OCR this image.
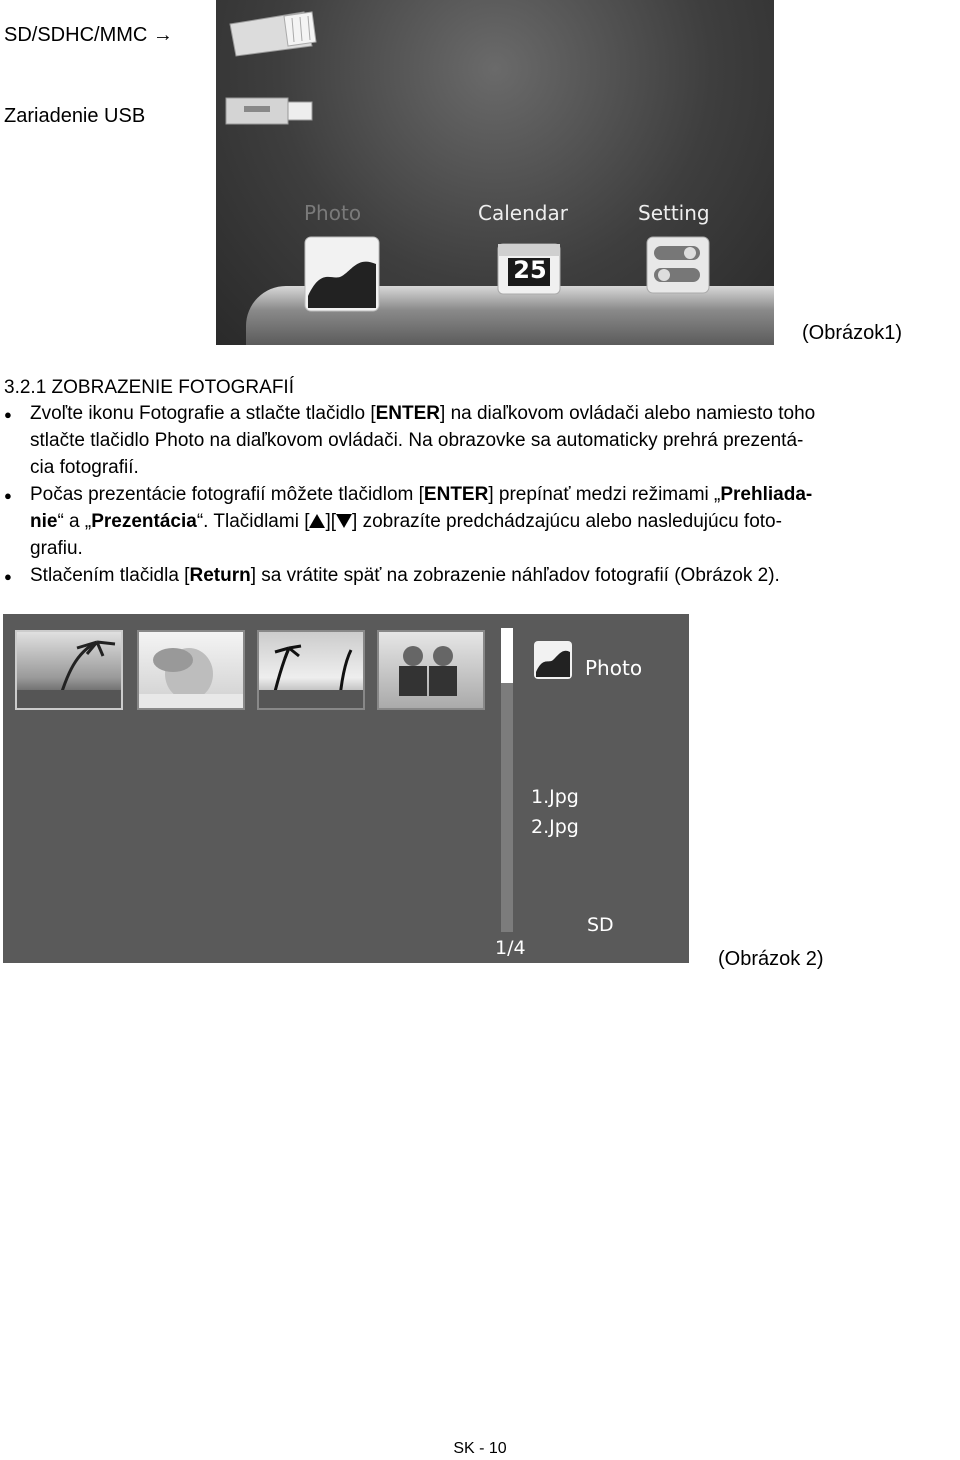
SD/SDHC/MMC →
Zariadenie USB
Photo	Calendar	Setting
25
(Obrázok1)
3.2.1 ZOBRAZENIE FOTOGRAFIÍ
● Zvoľte ikonu Fotografie a stlačte tlačidlo [ENTER] na diaľkovom ovládači alebo namiesto toho
stlačte tlačidlo Photo na diaľkovom ovládači. Na obrazovke sa automaticky prehrá prezentá-
cia fotografií.
● Počas prezentácie fotografií môžete tlačidlom [ENTER] prepínať medzi režimami „Prehliada-
nie“ a „Prezentácia“. Tlačidlami [ ][ ] zobrazíte predchádzajúcu alebo nasledujúcu foto-
grafiu.
● Stlačením tlačidla [Return] sa vrátite späť na zobrazenie náhľadov fotografií (Obrázok 2).
Photo
1.Jpg
2.Jpg
SD
1/4	(Obrázok 2)
SK - 10
